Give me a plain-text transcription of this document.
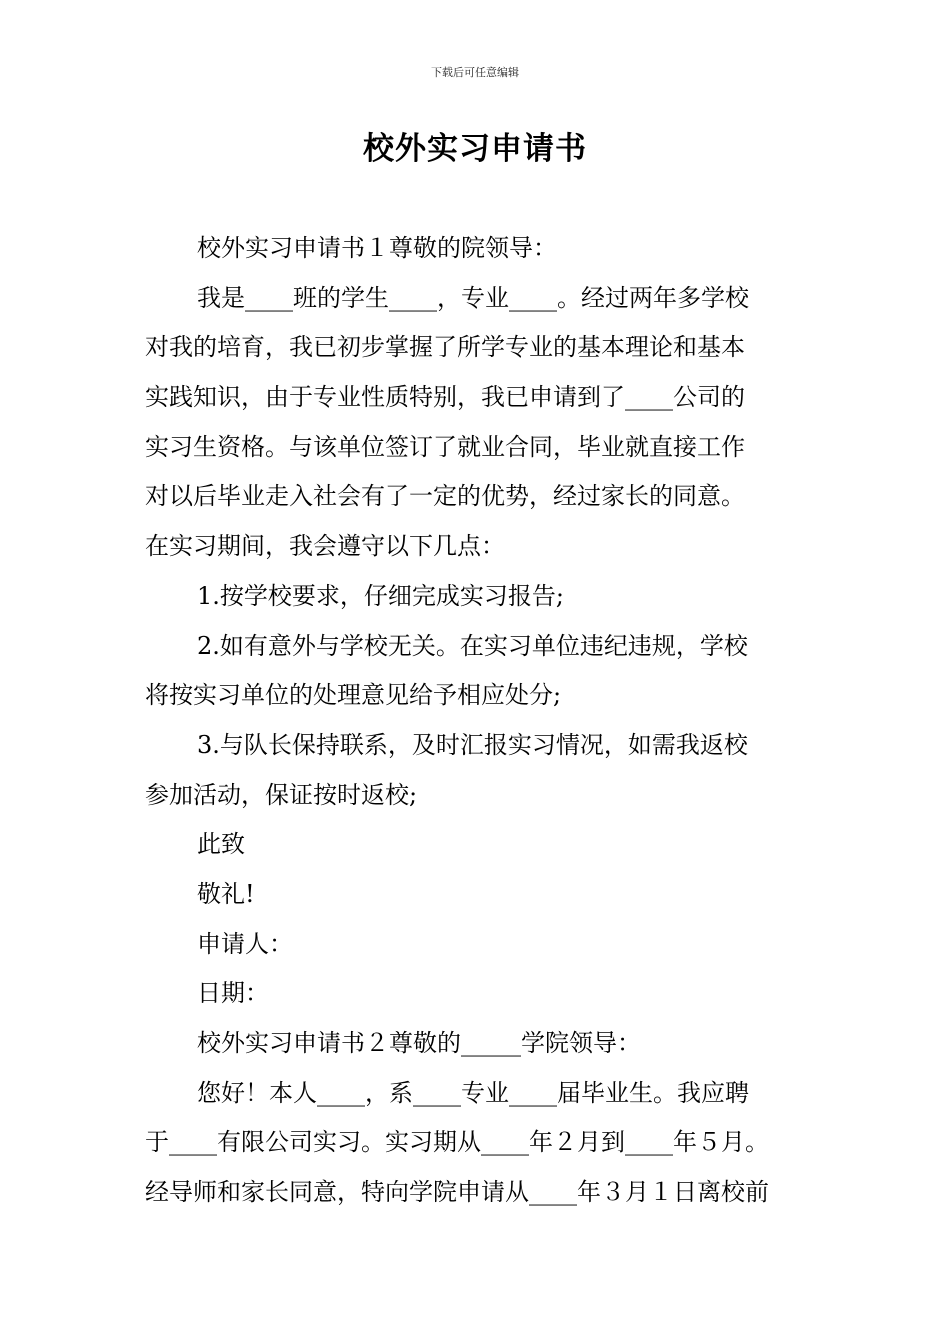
下载后可任意编辑
校外实习申请书
校外实习申请书１尊敬的院领导：
我是____班的学生____，专业____。经过两年多学校
对我的培育，我已初步掌握了所学专业的基本理论和基本
实践知识，由于专业性质特别，我已申请到了____公司的
实习生资格。与该单位签订了就业合同，毕业就直接工作
对以后毕业走入社会有了一定的优势，经过家长的同意。
在实习期间，我会遵守以下几点：
1.按学校要求，仔细完成实习报告;
2.如有意外与学校无关。在实习单位违纪违规，学校
将按实习单位的处理意见给予相应处分;
3.与队长保持联系，及时汇报实习情况，如需我返校
参加活动，保证按时返校;
此致
敬礼!
申请人：
日期：
校外实习申请书２尊敬的_____学院领导：
您好！本人____，系____专业____届毕业生。我应聘
于____有限公司实习。实习期从____年２月到____年５月。
经导师和家长同意，特向学院申请从____年３月１日离校前
